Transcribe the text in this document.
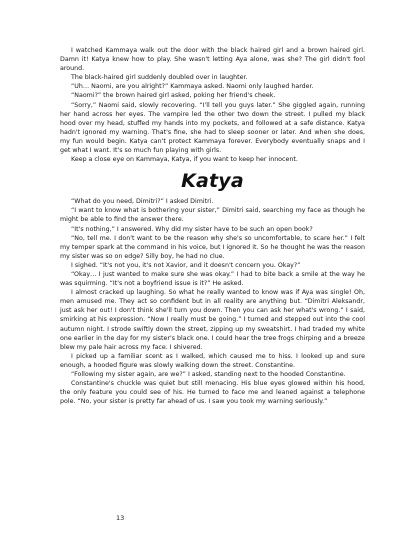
I watched Kammaya walk out the door with the black haired girl and a brown haired girl. Damn it! Katya knew how to play. She wasn't letting Aya alone, was she? The girl didn't fool around.

The black-haired girl suddenly doubled over in laughter.

“Uh… Naomi, are you alright?” Kammaya asked. Naomi only laughed harder.

“Naomi?” the brown haired girl asked, poking her friend's cheek.

“Sorry,” Naomi said, slowly recovering. “I'll tell you guys later.” She giggled again, running her hand across her eyes. The vampire led the other two down the street. I pulled my black hood over my head, stuffed my hands into my pockets, and followed at a safe distance. Katya hadn't ignored my warning. That's fine, she had to sleep sooner or later. And when she does, my fun would begin. Katya can't protect Kammaya forever. Everybody eventually snaps and I get what I want. It's so much fun playing with girls.

Keep a close eye on Kammaya, Katya, if you want to keep her innocent.

Katya

“What do you need, Dimitri?” I asked Dimitri.

“I want to know what is bothering your sister,” Dimitri said, searching my face as though he might be able to find the answer there.

“It's nothing,” I answered. Why did my sister have to be such an open book?

“No, tell me. I don't want to be the reason why she's so uncomfortable, to scare her.” I felt my temper spark at the command in his voice, but I ignored it. So he thought he was the reason my sister was so on edge? Silly boy, he had no clue.

I sighed. “It's not you, it's not Xavior, and it doesn't concern you. Okay?”

“Okay… I just wanted to make sure she was okay.” I had to bite back a smile at the way he was squirming. “It's not a boyfriend issue is it?” He asked.

I almost cracked up laughing. So what he really wanted to know was if Aya was single! Oh, men amused me. They act so confident but in all reality are anything but. “Dimitri Aleksandr, just ask her out! I don't think she'll turn you down. Then you can ask her what's wrong.” I said, smirking at his expression. “Now I really must be going.” I turned and stepped out into the cool autumn night. I strode swiftly down the street, zipping up my sweatshirt. I had traded my white one earlier in the day for my sister's black one. I could hear the tree frogs chirping and a breeze blew my pale hair across my face. I shivered.

I picked up a familiar scent as I walked, which caused me to hiss. I looked up and sure enough, a hooded figure was slowly walking down the street. Constantine.

“Following my sister again, are we?” I asked, standing next to the hooded Constantine.

Constantine's chuckle was quiet but still menacing. His blue eyes glowed within his hood, the only feature you could see of his. He turned to face me and leaned against a telephone pole. “No, your sister is pretty far ahead of us. I saw you took my warning seriously.”

13
